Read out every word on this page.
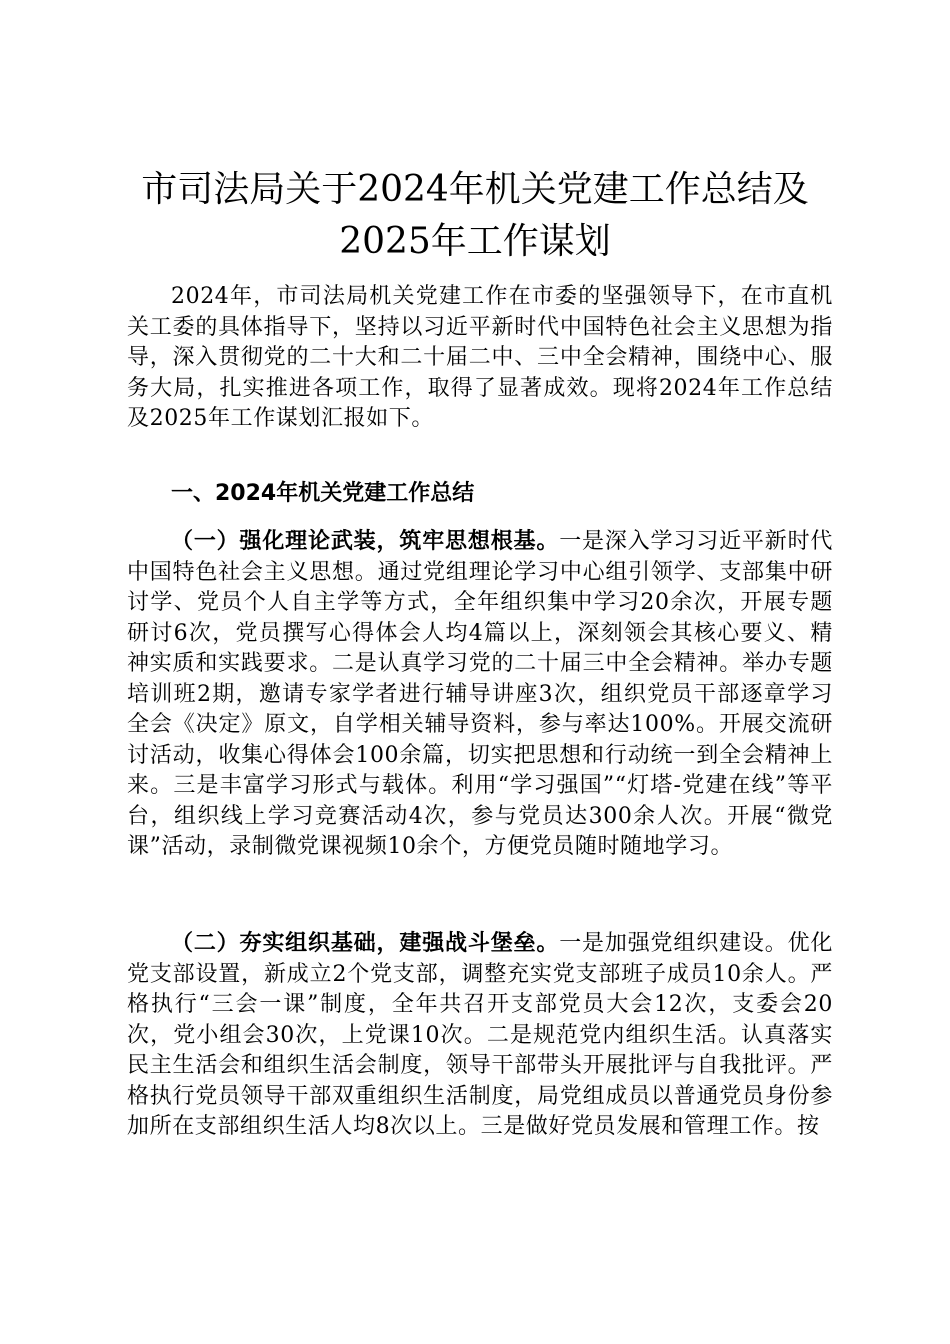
市司法局关于2024年机关党建工作总结及
2025年工作谋划

2024年，市司法局机关党建工作在市委的坚强领导下，在市直机关工委的具体指导下，坚持以习近平新时代中国特色社会主义思想为指导，深入贯彻党的二十大和二十届二中、三中全会精神，围绕中心、服务大局，扎实推进各项工作，取得了显著成效。现将2024年工作总结及2025年工作谋划汇报如下。

一、2024年机关党建工作总结

（一）强化理论武装，筑牢思想根基。一是深入学习习近平新时代中国特色社会主义思想。通过党组理论学习中心组引领学、支部集中研讨学、党员个人自主学等方式，全年组织集中学习20余次，开展专题研讨6次，党员撰写心得体会人均4篇以上，深刻领会其核心要义、精神实质和实践要求。二是认真学习党的二十届三中全会精神。举办专题培训班2期，邀请专家学者进行辅导讲座3次，组织党员干部逐章学习全会《决定》原文，自学相关辅导资料，参与率达100%。开展交流研讨活动，收集心得体会100余篇，切实把思想和行动统一到全会精神上来。三是丰富学习形式与载体。利用“学习强国”“灯塔-党建在线”等平台，组织线上学习竞赛活动4次，参与党员达300余人次。开展“微党课”活动，录制微党课视频10余个，方便党员随时随地学习。

（二）夯实组织基础，建强战斗堡垒。一是加强党组织建设。优化党支部设置，新成立2个党支部，调整充实党支部班子成员10余人。严格执行“三会一课”制度，全年共召开支部党员大会12次，支委会20次，党小组会30次，上党课10次。二是规范党内组织生活。认真落实民主生活会和组织生活会制度，领导干部带头开展批评与自我批评。严格执行党员领导干部双重组织生活制度，局党组成员以普通党员身份参加所在支部组织生活人均8次以上。三是做好党员发展和管理工作。按
